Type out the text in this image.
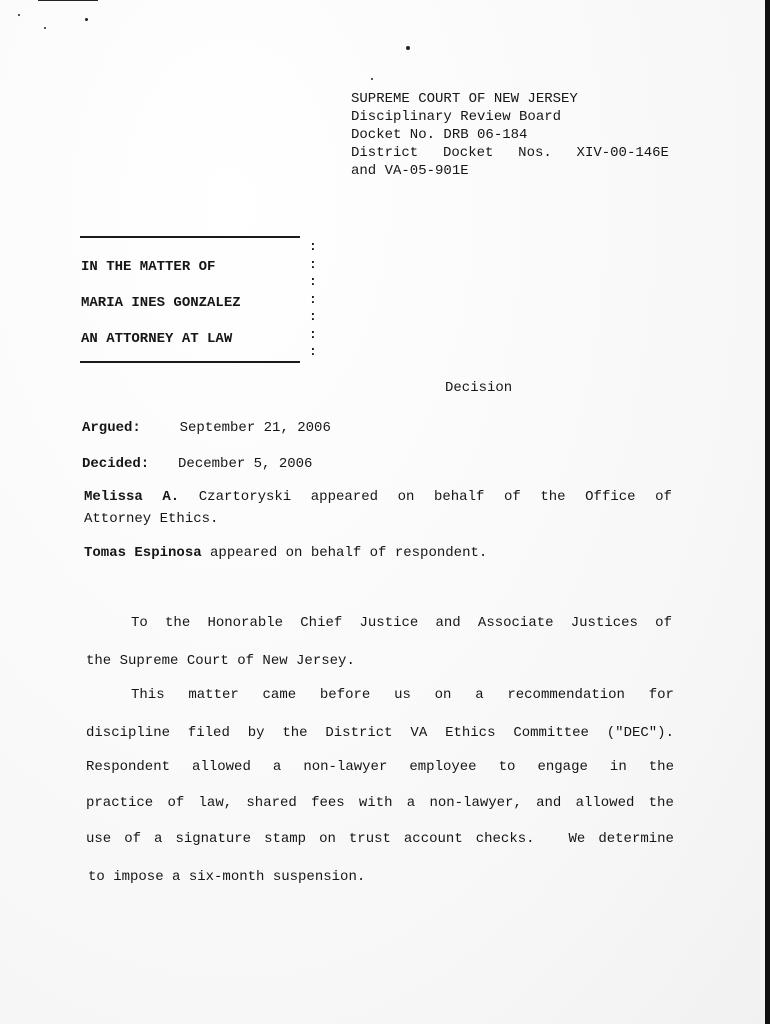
SUPREME COURT OF NEW JERSEY
Disciplinary Review Board
Docket No. DRB 06-184
District Docket Nos. XIV-00-146E
and VA-05-901E
IN THE MATTER OF
MARIA INES GONZALEZ
AN ATTORNEY AT LAW
:
:
:
:
:
:
:
Decision
Argued:	September 21, 2006
Decided: December 5, 2006
Melissa A. Czartoryski appeared on behalf of the Office of
Attorney Ethics.
Tomas Espinosa appeared on behalf of respondent.
To the Honorable Chief Justice and Associate Justices of
the Supreme Court of New Jersey.
This matter came before us on a recommendation for
discipline filed by the District VA Ethics Committee ("DEC").
Respondent allowed a non-lawyer employee to engage in the
practice of law, shared fees with a non-lawyer, and allowed the
use of a signature stamp on trust account checks. We determine
to impose a six-month suspension.
